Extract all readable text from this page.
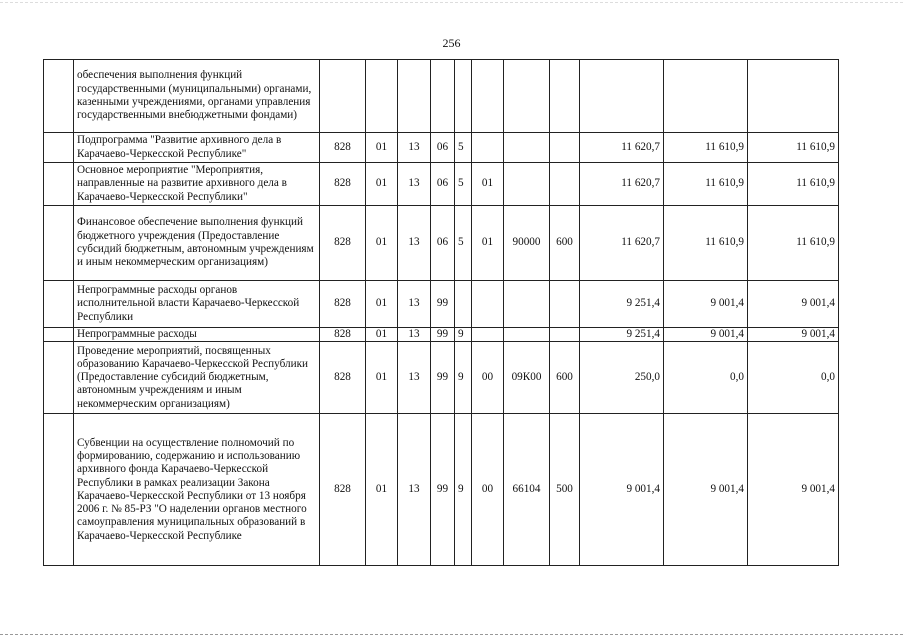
256
	обеспечения выполнения функций государственными (муниципальными) органами, казенными учреждениями, органами управления государственными внебюджетными фондами)											
	Подпрограмма "Развитие архивного дела в Карачаево-Черкесской Республике"	828	01	13	06	5				11 620,7	11 610,9	11 610,9
	Основное мероприятие "Мероприятия, направленные на развитие архивного дела в Карачаево-Черкесской Республики"	828	01	13	06	5	01			11 620,7	11 610,9	11 610,9
	Финансовое обеспечение выполнения функций бюджетного учреждения (Предоставление субсидий бюджетным, автономным учреждениям и иным некоммерческим организациям)	828	01	13	06	5	01	90000	600	11 620,7	11 610,9	11 610,9
	Непрограммные расходы органов исполнительной власти Карачаево-Черкесской Республики	828	01	13	99					9 251,4	9 001,4	9 001,4
	Непрограммные расходы	828	01	13	99	9				9 251,4	9 001,4	9 001,4
	Проведение мероприятий, посвященных образованию Карачаево-Черкесской Республики (Предоставление субсидий бюджетным, автономным учреждениям и иным некоммерческим организациям)	828	01	13	99	9	00	09К00	600	250,0	0,0	0,0
	Субвенции на осуществление полномочий по формированию, содержанию и использованию архивного фонда Карачаево-Черкесской Республики в рамках реализации Закона Карачаево-Черкесской Республики от 13 ноября 2006 г. № 85-РЗ "О наделении органов местного самоуправления муниципальных образований в Карачаево-Черкесской Республике	828	01	13	99	9	00	66104	500	9 001,4	9 001,4	9 001,4
